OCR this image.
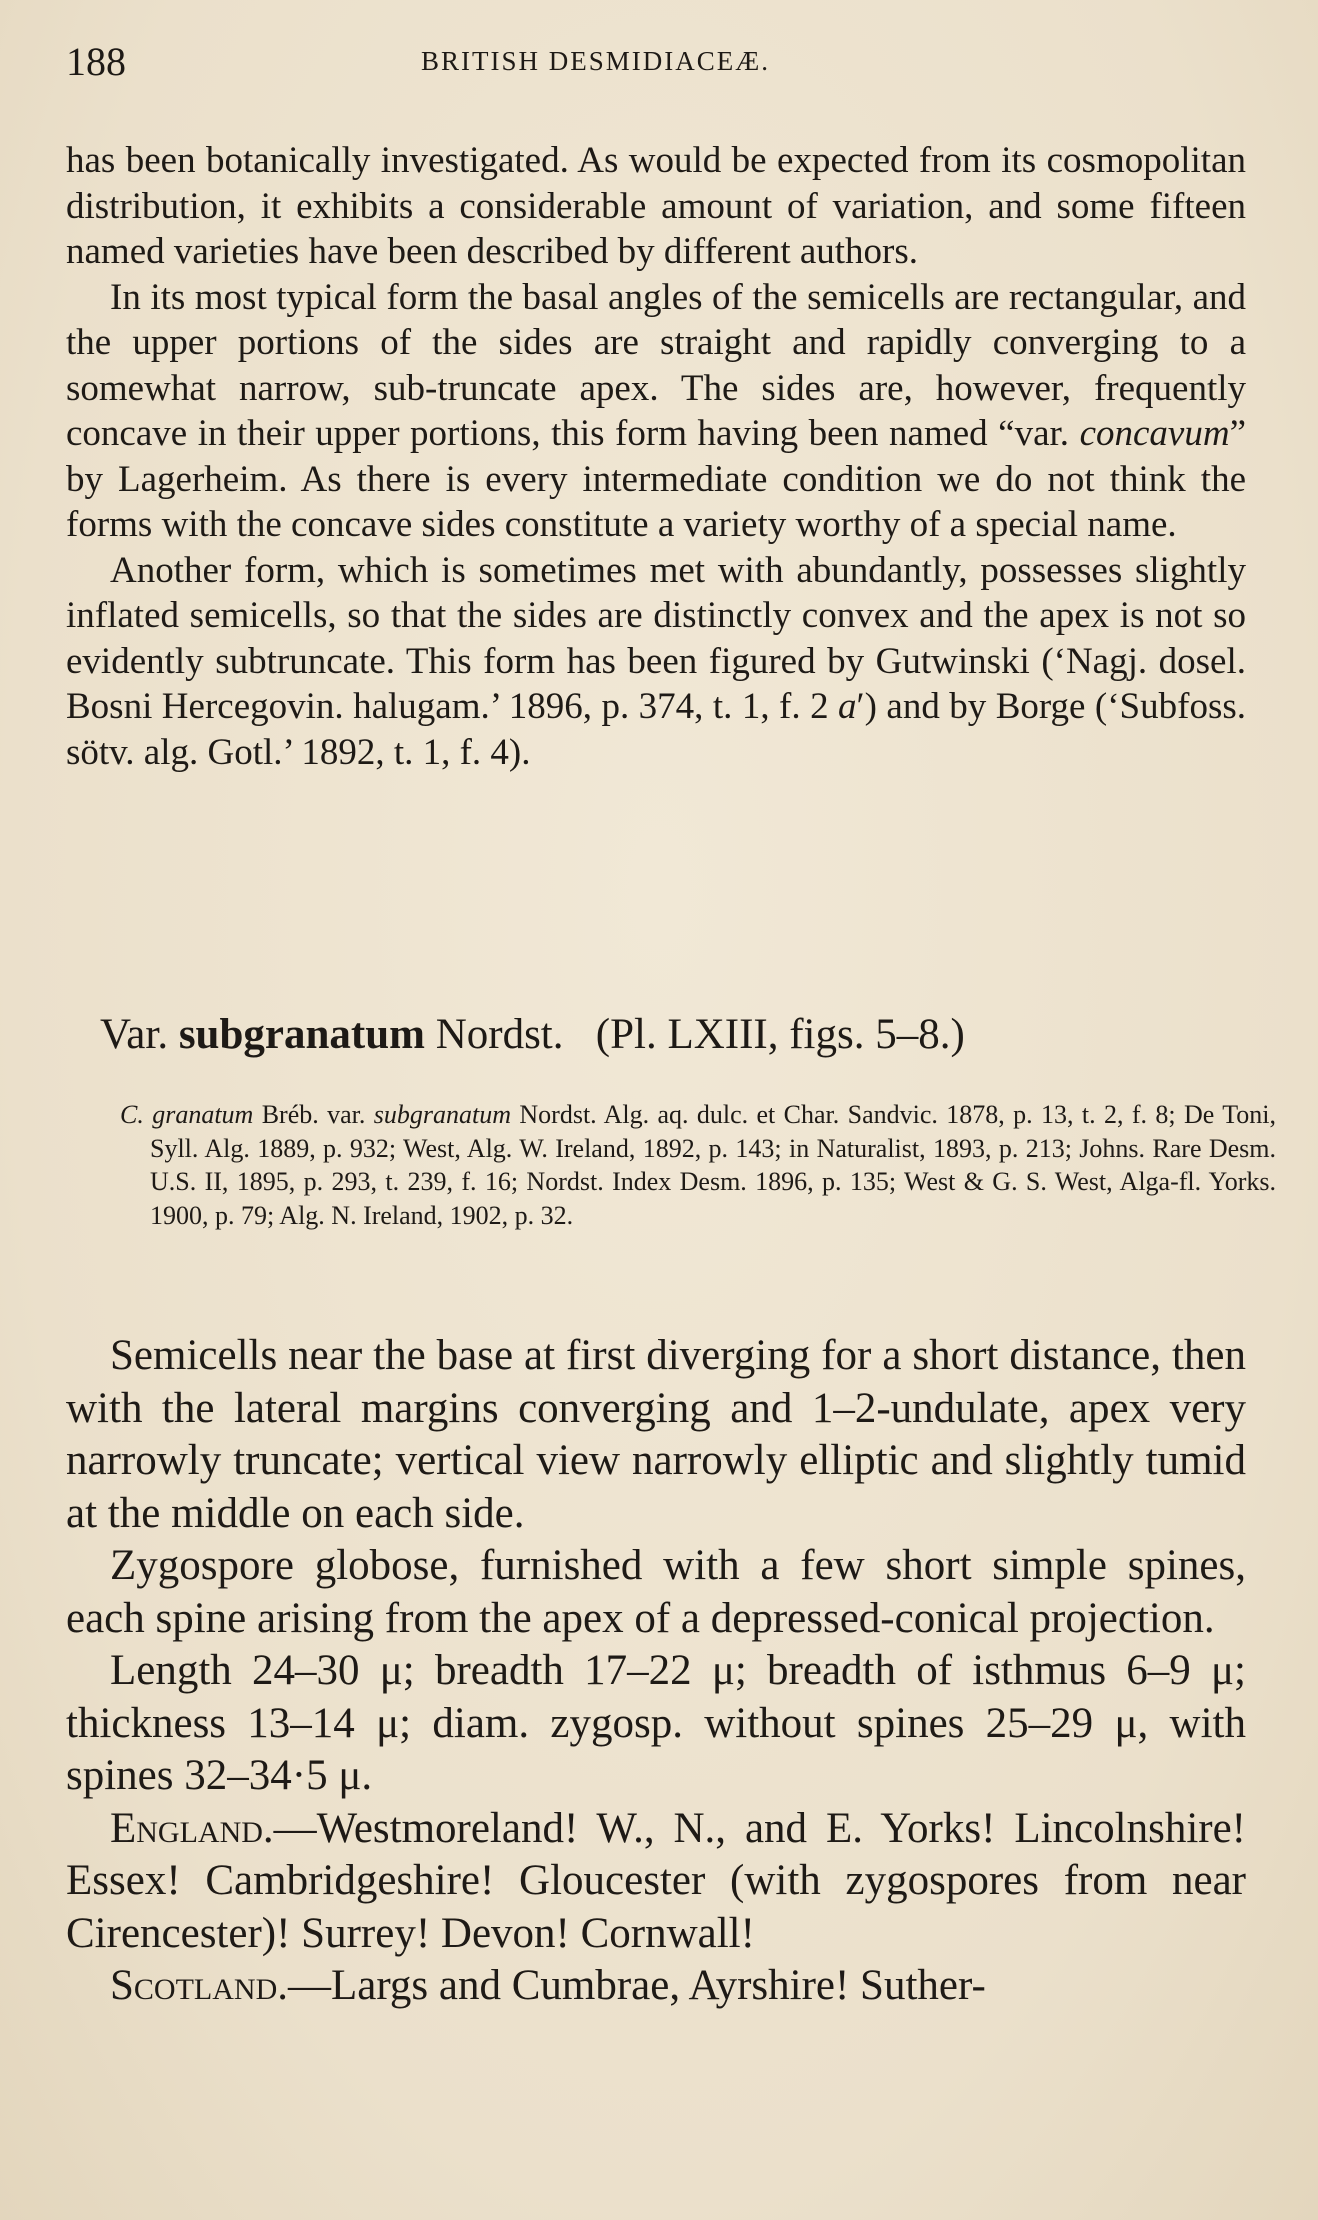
188	BRITISH DESMIDIACEÆ.

has been botanically investigated. As would be expected from its cosmopolitan distribution, it exhibits a considerable amount of variation, and some fifteen named varieties have been described by different authors.

In its most typical form the basal angles of the semicells are rectangular, and the upper portions of the sides are straight and rapidly converging to a somewhat narrow, sub-truncate apex. The sides are, however, frequently concave in their upper portions, this form having been named “var. concavum” by Lagerheim. As there is every intermediate condition we do not think the forms with the concave sides constitute a variety worthy of a special name.

Another form, which is sometimes met with abundantly, possesses slightly inflated semicells, so that the sides are distinctly convex and the apex is not so evidently subtruncate. This form has been figured by Gutwinski (‘Nagj. dosel. Bosni Hercegovin. halugam.’ 1896, p. 374, t. 1, f. 2 a′) and by Borge (‘Subfoss. sötv. alg. Gotl.’ 1892, t. 1, f. 4).

Var. subgranatum Nordst. (Pl. LXIII, figs. 5–8.)

C. granatum Bréb. var. subgranatum Nordst. Alg. aq. dulc. et Char. Sandvic. 1878, p. 13, t. 2, f. 8; De Toni, Syll. Alg. 1889, p. 932; West, Alg. W. Ireland, 1892, p. 143; in Naturalist, 1893, p. 213; Johns. Rare Desm. U.S. II, 1895, p. 293, t. 239, f. 16; Nordst. Index Desm. 1896, p. 135; West & G. S. West, Alga-fl. Yorks. 1900, p. 79; Alg. N. Ireland, 1902, p. 32.

Semicells near the base at first diverging for a short distance, then with the lateral margins converging and 1–2-undulate, apex very narrowly truncate; vertical view narrowly elliptic and slightly tumid at the middle on each side.

Zygospore globose, furnished with a few short simple spines, each spine arising from the apex of a depressed-conical projection.

Length 24–30 μ; breadth 17–22 μ; breadth of isthmus 6–9 μ; thickness 13–14 μ; diam. zygosp. without spines 25–29 μ, with spines 32–34·5 μ.

England.—Westmoreland! W., N., and E. Yorks! Lincolnshire! Essex! Cambridgeshire! Gloucester (with zygospores from near Cirencester)! Surrey! Devon! Cornwall!

Scotland.—Largs and Cumbrae, Ayrshire! Suther-
